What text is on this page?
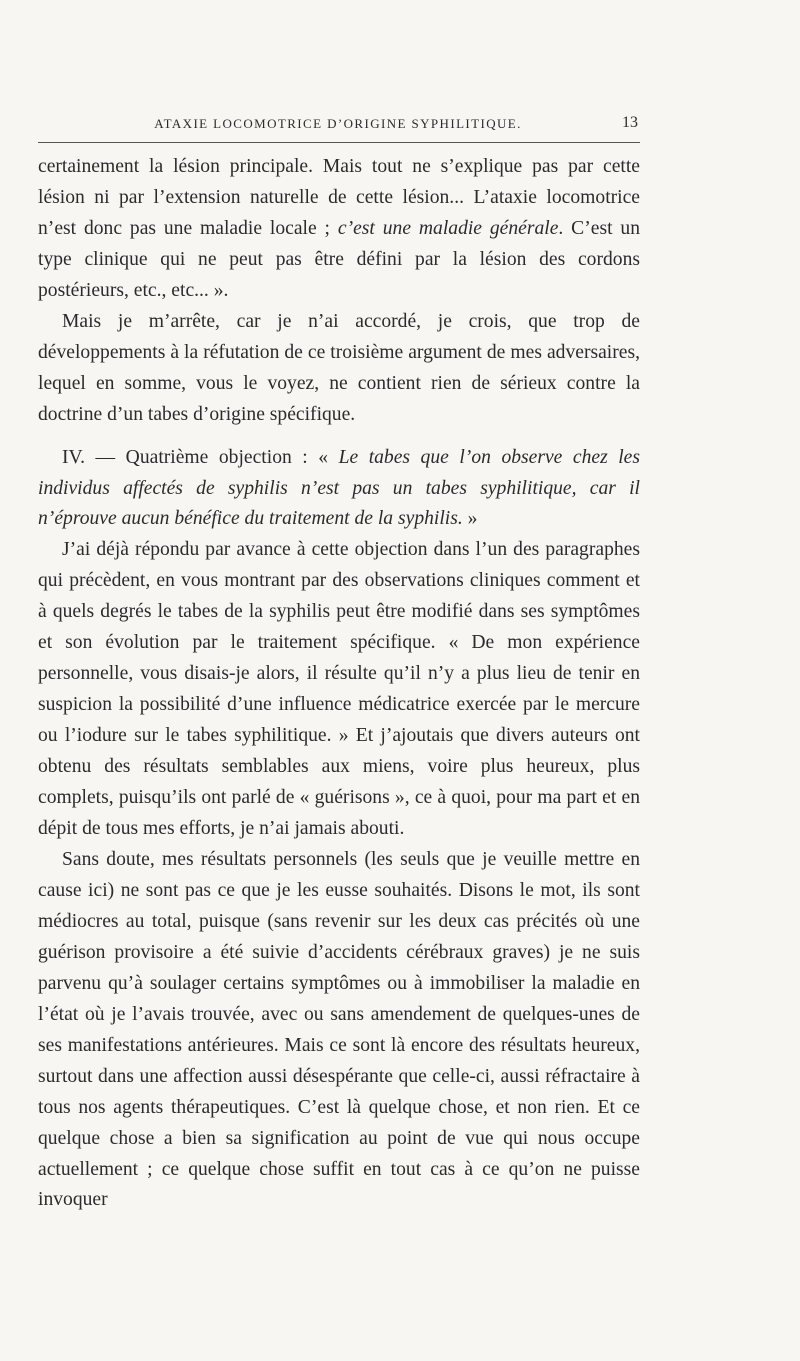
ATAXIE LOCOMOTRICE D’ORIGINE SYPHILITIQUE.	13

certainement la lésion principale. Mais tout ne s’explique pas par cette lésion ni par l’extension naturelle de cette lésion... L’ataxie locomotrice n’est donc pas une maladie locale ; c’est une maladie générale. C’est un type clinique qui ne peut pas être défini par la lésion des cordons postérieurs, etc., etc... ».

Mais je m’arrête, car je n’ai accordé, je crois, que trop de développements à la réfutation de ce troisième argument de mes adversaires, lequel en somme, vous le voyez, ne contient rien de sérieux contre la doctrine d’un tabes d’origine spécifique.

IV. — Quatrième objection : « Le tabes que l’on observe chez les individus affectés de syphilis n’est pas un tabes syphilitique, car il n’éprouve aucun bénéfice du traitement de la syphilis. »

J’ai déjà répondu par avance à cette objection dans l’un des paragraphes qui précèdent, en vous montrant par des observations cliniques comment et à quels degrés le tabes de la syphilis peut être modifié dans ses symptômes et son évolution par le traitement spécifique. « De mon expérience personnelle, vous disais-je alors, il résulte qu’il n’y a plus lieu de tenir en suspicion la possibilité d’une influence médicatrice exercée par le mercure ou l’iodure sur le tabes syphilitique. » Et j’ajoutais que divers auteurs ont obtenu des résultats semblables aux miens, voire plus heureux, plus complets, puisqu’ils ont parlé de « guérisons », ce à quoi, pour ma part et en dépit de tous mes efforts, je n’ai jamais abouti.

Sans doute, mes résultats personnels (les seuls que je veuille mettre en cause ici) ne sont pas ce que je les eusse souhaités. Disons le mot, ils sont médiocres au total, puisque (sans revenir sur les deux cas précités où une guérison provisoire a été suivie d’accidents cérébraux graves) je ne suis parvenu qu’à soulager certains symptômes ou à immobiliser la maladie en l’état où je l’avais trouvée, avec ou sans amendement de quelques-unes de ses manifestations antérieures. Mais ce sont là encore des résultats heureux, surtout dans une affection aussi désespérante que celle-ci, aussi réfractaire à tous nos agents thérapeutiques. C’est là quelque chose, et non rien. Et ce quelque chose a bien sa signification au point de vue qui nous occupe actuellement ; ce quelque chose suffit en tout cas à ce qu’on ne puisse invoquer
